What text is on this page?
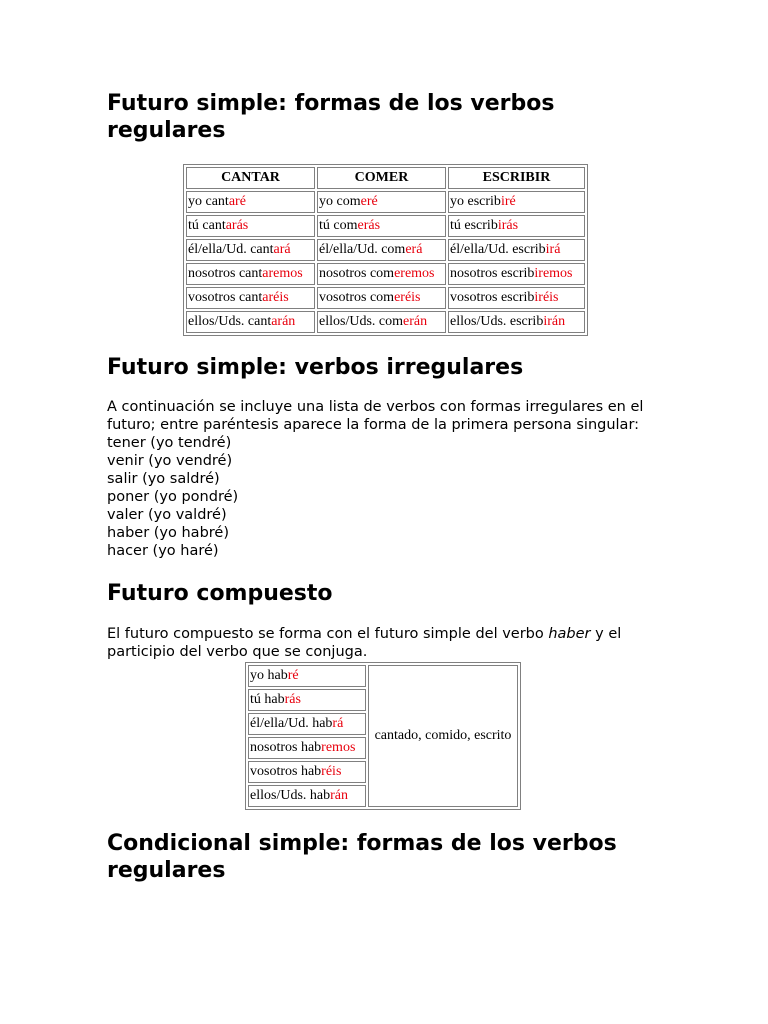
Futuro simple: formas de los verbos regulares
CANTAR	COMER	ESCRIBIR
yo cantaré	yo comeré	yo escribiré
tú cantarás	tú comerás	tú escribirás
él/ella/Ud. cantará	él/ella/Ud. comerá	él/ella/Ud. escribirá
nosotros cantaremos	nosotros comeremos	nosotros escribiremos
vosotros cantaréis	vosotros comeréis	vosotros escribiréis
ellos/Uds. cantarán	ellos/Uds. comerán	ellos/Uds. escribirán
Futuro simple: verbos irregulares

A continuación se incluye una lista de verbos con formas irregulares en el futuro; entre paréntesis aparece la forma de la primera persona singular:

tener (yo tendré)
venir (yo vendré)
salir (yo saldré)
poner (yo pondré)
valer (yo valdré)
haber (yo habré)
hacer (yo haré)
Futuro compuesto

El futuro compuesto se forma con el futuro simple del verbo haber y el participio del verbo que se conjuga.

yo habré	cantado, comido, escrito
tú habrás
él/ella/Ud. habrá
nosotros habremos
vosotros habréis
ellos/Uds. habrán
Condicional simple: formas de los verbos regulares
